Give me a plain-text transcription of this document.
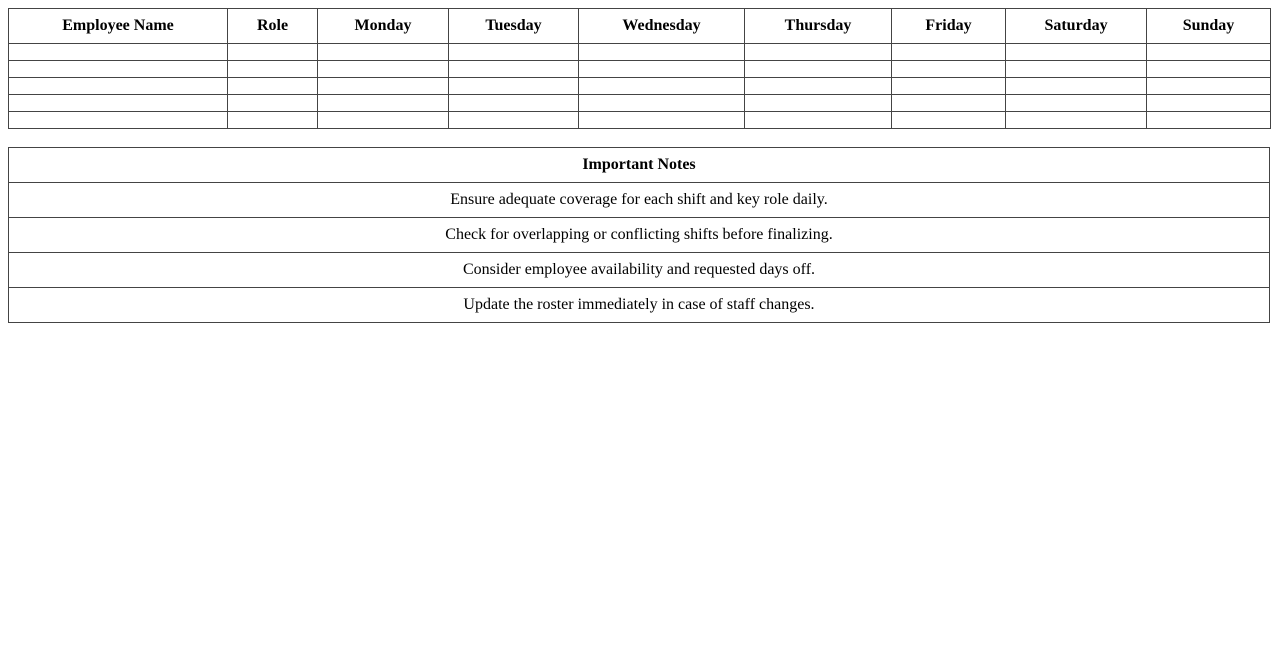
Employee Name	Role	Monday	Tuesday	Wednesday	Thursday	Friday	Saturday	Sunday

Important Notes
Ensure adequate coverage for each shift and key role daily.
Check for overlapping or conflicting shifts before finalizing.
Consider employee availability and requested days off.
Update the roster immediately in case of staff changes.
